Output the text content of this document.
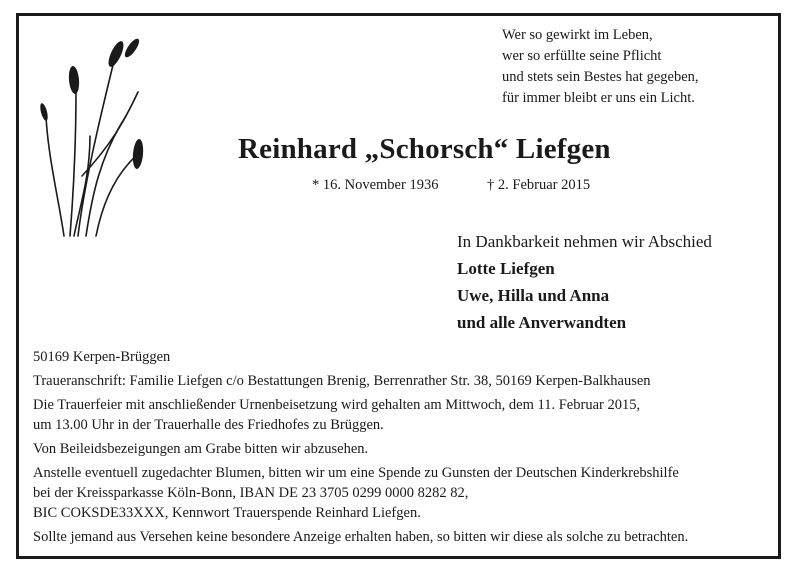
Wer so gewirkt im Leben,
wer so erfüllte seine Pflicht
und stets sein Bestes hat gegeben,
für immer bleibt er uns ein Licht.
Reinhard „Schorsch“ Liefgen
* 16. November 1936	† 2. Februar 2015
In Dankbarkeit nehmen wir Abschied
Lotte Liefgen
Uwe, Hilla und Anna
und alle Anverwandten

50169 Kerpen-Brüggen

Traueranschrift: Familie Liefgen c/o Bestattungen Brenig, Berrenrather Str. 38, 50169 Kerpen-Balkhausen

Die Trauerfeier mit anschließender Urnenbeisetzung wird gehalten am Mittwoch, dem 11. Februar 2015,
um 13.00 Uhr in der Trauerhalle des Friedhofes zu Brüggen.

Von Beileidsbezeigungen am Grabe bitten wir abzusehen.

Anstelle eventuell zugedachter Blumen, bitten wir um eine Spende zu Gunsten der Deutschen Kinderkrebshilfe
bei der Kreissparkasse Köln-Bonn, IBAN DE 23 3705 0299 0000 8282 82,
BIC COKSDE33XXX, Kennwort Trauerspende Reinhard Liefgen.

Sollte jemand aus Versehen keine besondere Anzeige erhalten haben, so bitten wir diese als solche zu betrachten.
